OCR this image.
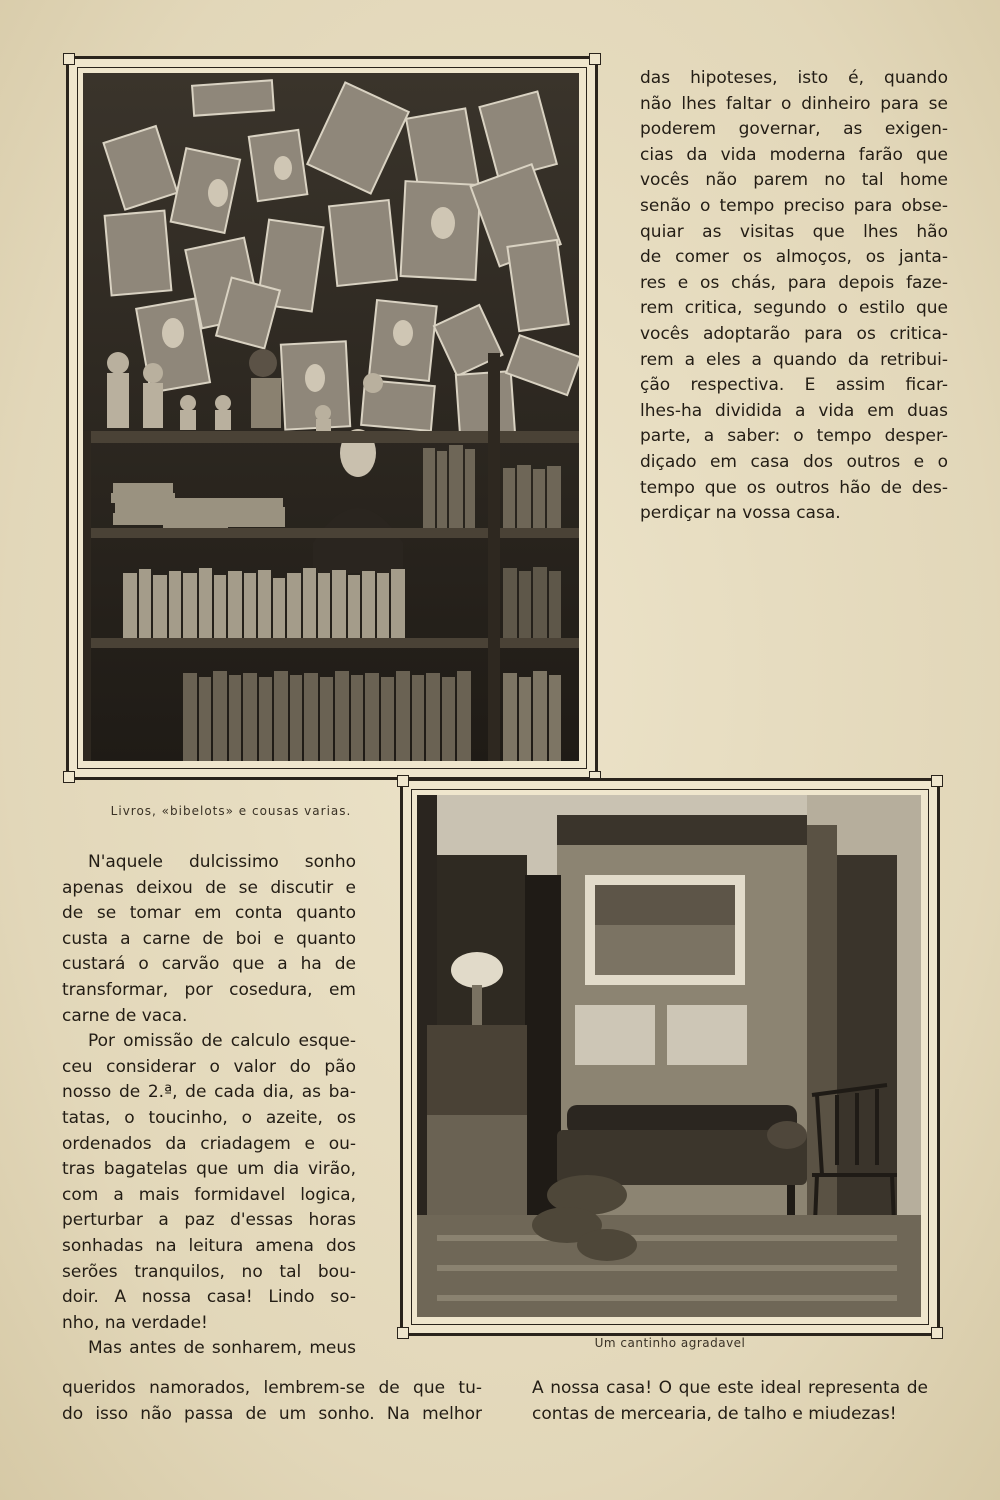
Livros, «bibelots» e cousas varias.
das hipoteses, isto é, quando
não lhes faltar o dinheiro para se
poderem governar, as exigen-
cias da vida moderna farão que
vocês não parem no tal home
senão o tempo preciso para obse-
quiar as visitas que lhes hão
de comer os almoços, os janta-
res e os chás, para depois faze-
rem critica, segundo o estilo que
vocês adoptarão para os critica-
rem a eles a quando da retribui-
ção respectiva. E assim ficar-
lhes-ha dividida a vida em duas
parte, a saber: o tempo desper-
diçado em casa dos outros e o
tempo que os outros hão de des-
perdiçar na vossa casa.
Um cantinho agradavel
N'aquele dulcissimo sonho
apenas deixou de se discutir e
de se tomar em conta quanto
custa a carne de boi e quanto
custará o carvão que a ha de
transformar, por cosedura, em
carne de vaca.
Por omissão de calculo esque-
ceu considerar o valor do pão
nosso de 2.ª, de cada dia, as ba-
tatas, o toucinho, o azeite, os
ordenados da criadagem e ou-
tras bagatelas que um dia virão,
com a mais formidavel logica,
perturbar a paz d'essas horas
sonhadas na leitura amena dos
serões tranquilos, no tal bou-
doir. A nossa casa! Lindo so-
nho, na verdade!
Mas antes de sonharem, meus
queridos namorados, lembrem-se de que tu-
do isso não passa de um sonho. Na melhor
A nossa casa! O que este ideal representa de
contas de mercearia, de talho e miudezas!
